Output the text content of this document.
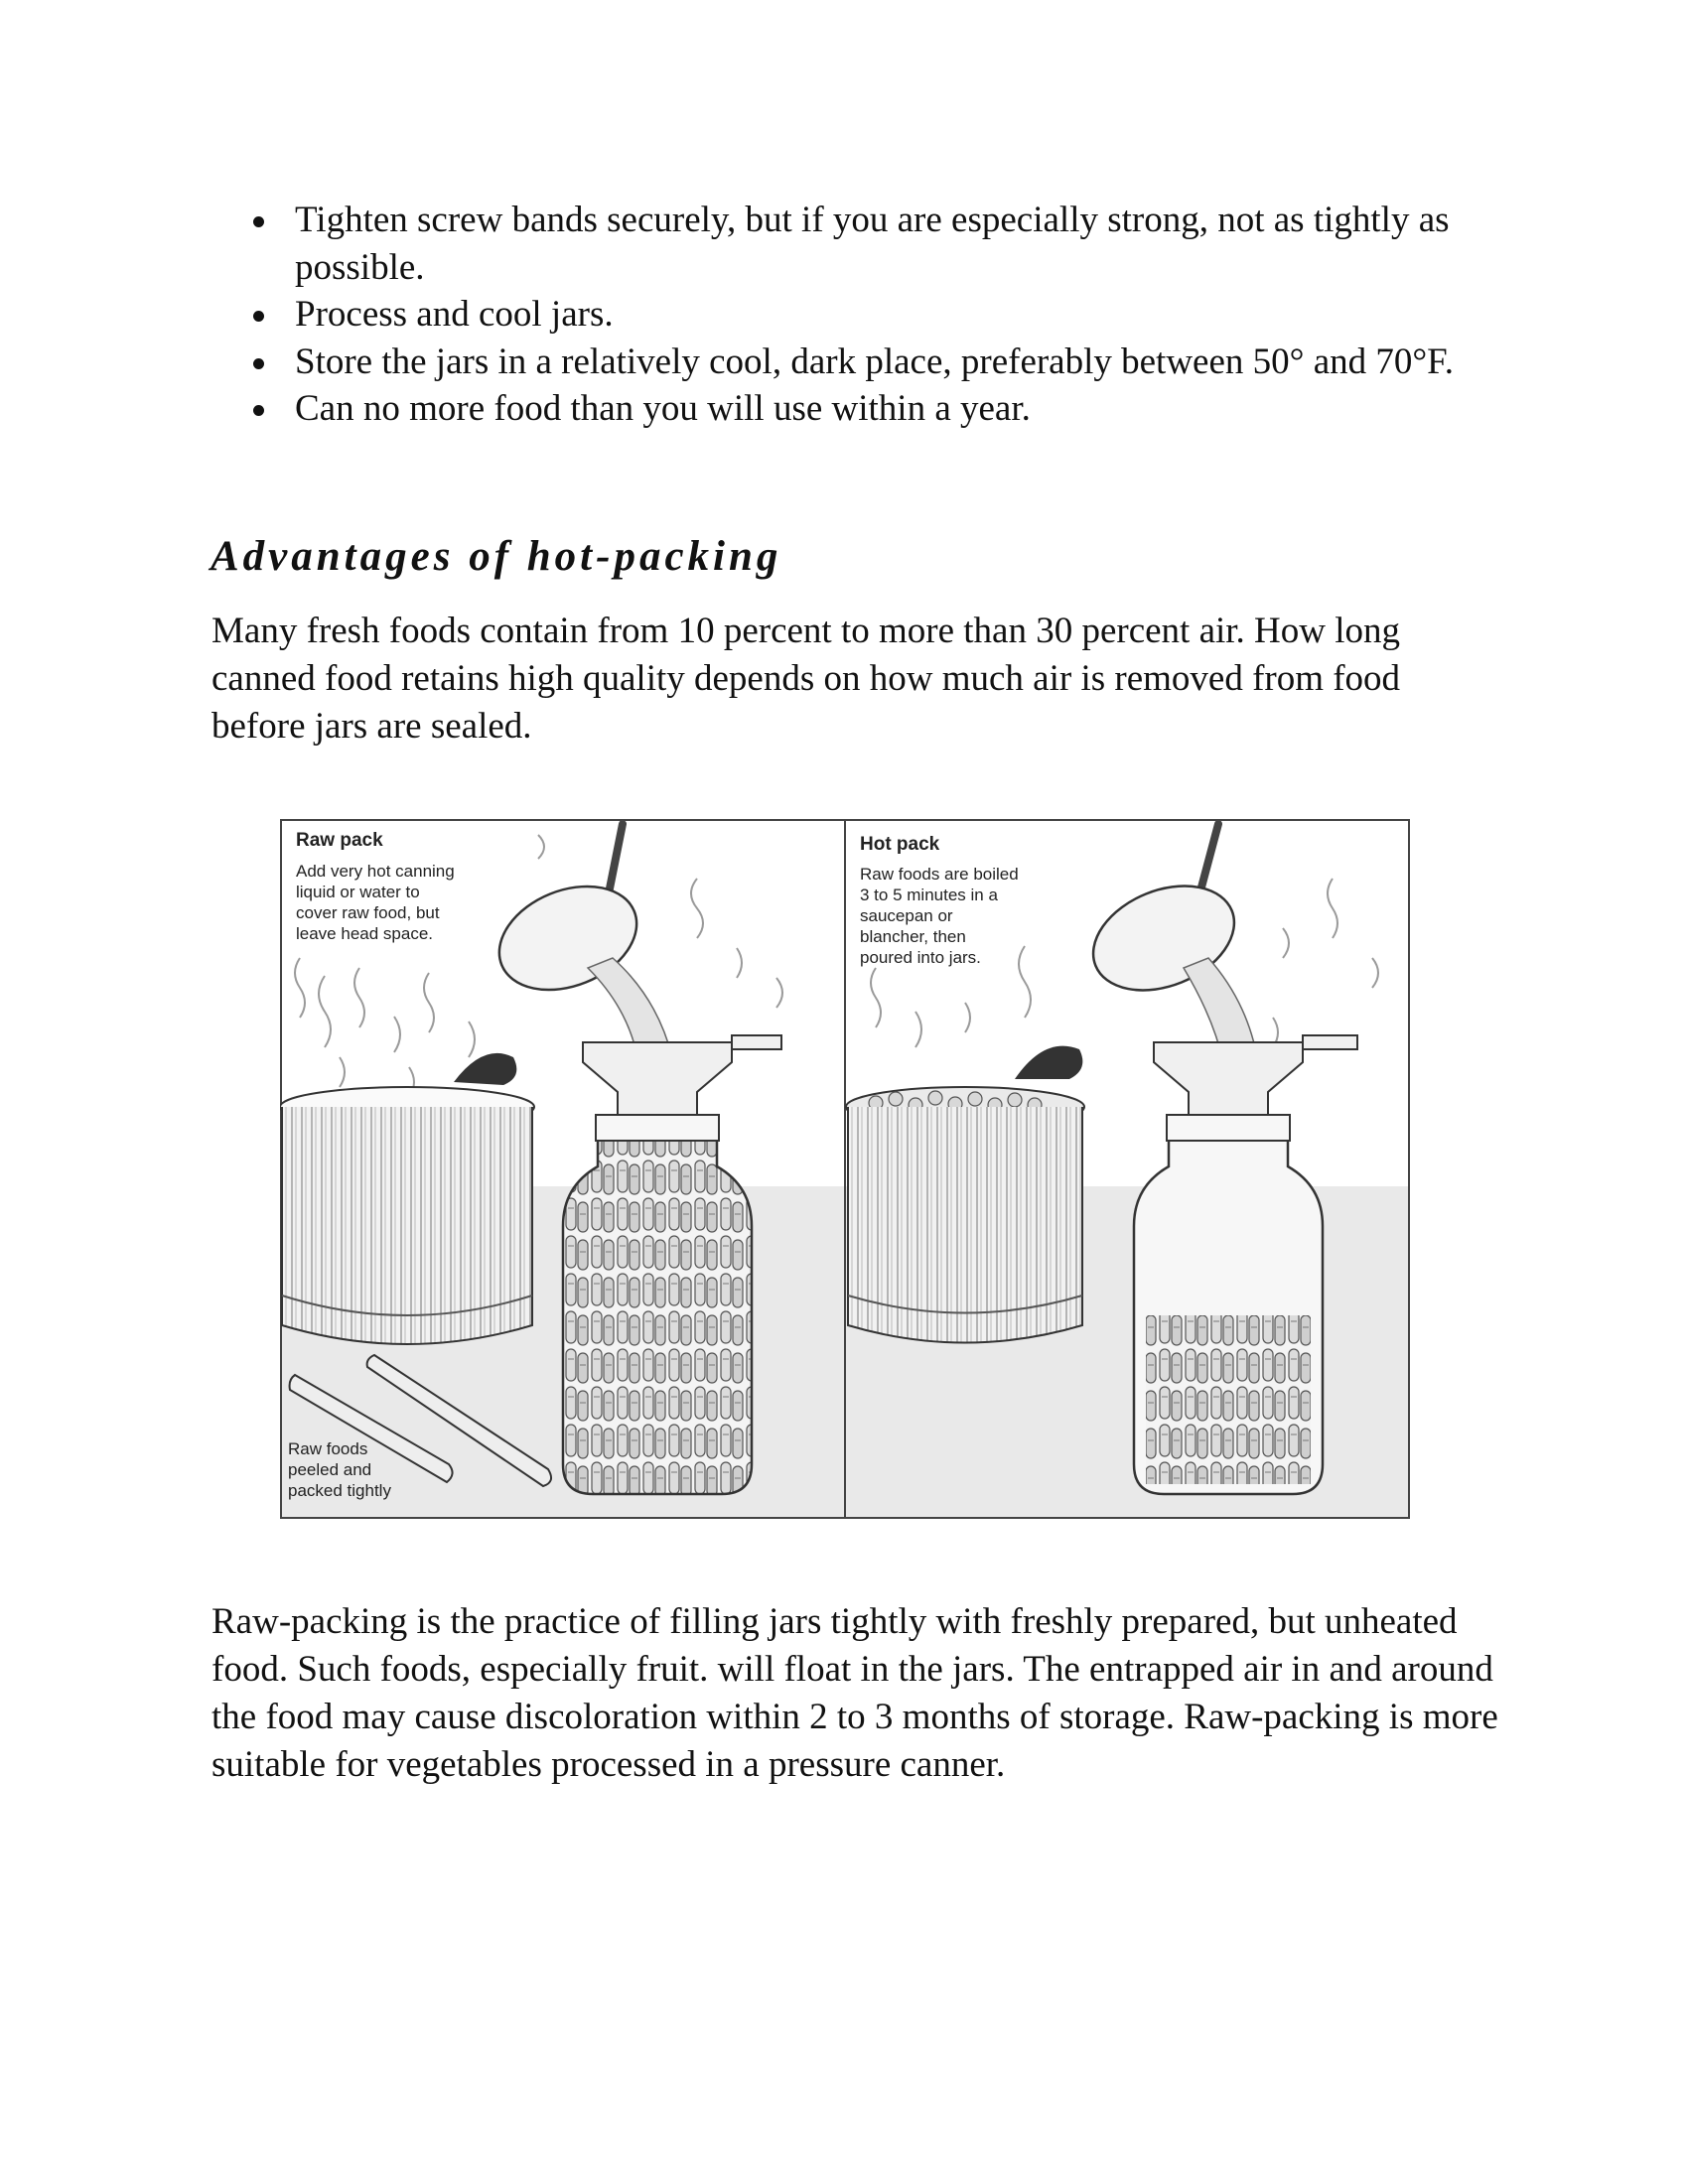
Tighten screw bands securely, but if you are especially strong, not as tightly as possible.
Process and cool jars.
Store the jars in a relatively cool, dark place, preferably between 50° and 70°F.
Can no more food than you will use within a year.
Advantages of hot-packing

Many fresh foods contain from 10 percent to more than 30 percent air. How long canned food retains high quality depends on how much air is removed from food before jars are sealed.

Raw pack
Add very hot canning
liquid or water to
cover raw food, but
leave head space.
Raw foods
peeled and
packed tightly
Hot pack
Raw foods are boiled
3 to 5 minutes in a
saucepan or
blancher, then
poured into jars.

Raw-packing is the practice of filling jars tightly with freshly prepared, but unheated food. Such foods, especially fruit. will float in the jars. The entrapped air in and around the food may cause discoloration within 2 to 3 months of storage. Raw-packing is more suitable for vegetables processed in a pressure canner.
